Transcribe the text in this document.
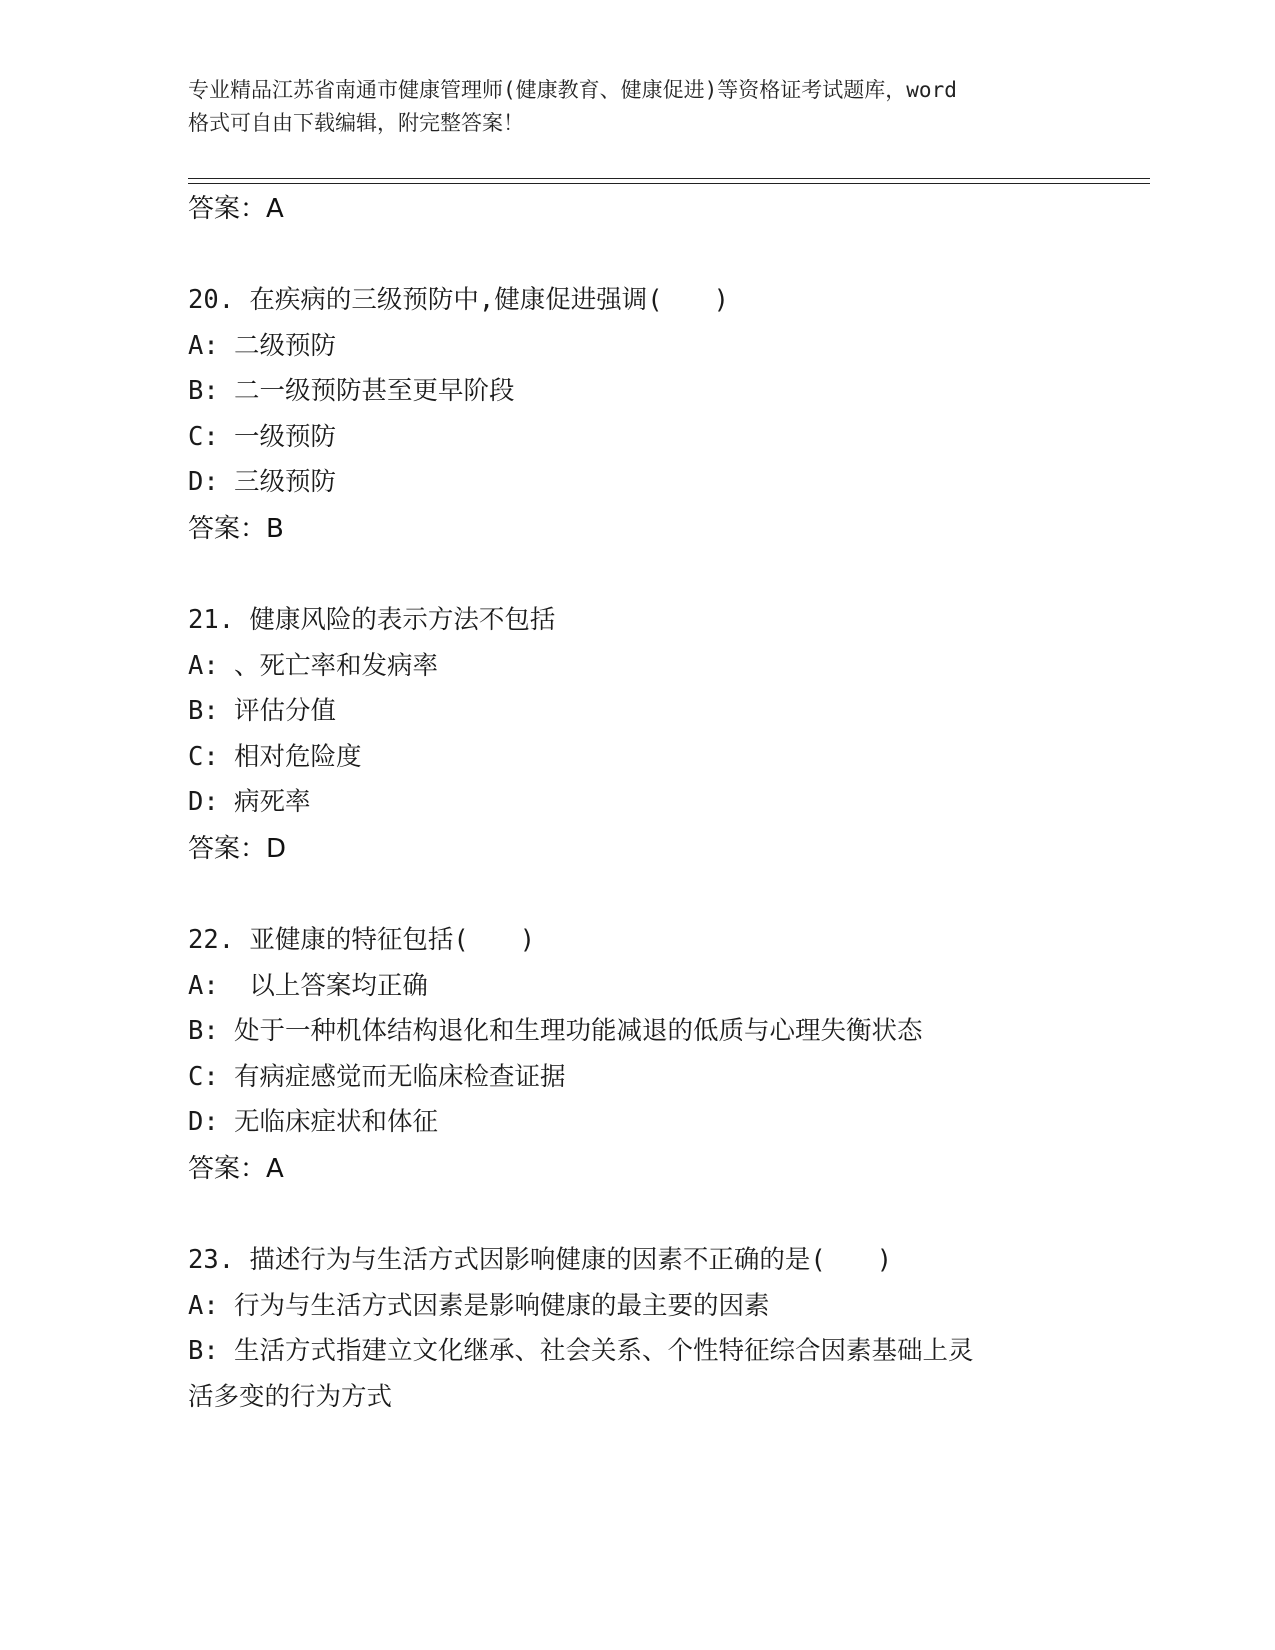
专业精品江苏省南通市健康管理师(健康教育、健康促进)等资格证考试题库，word
格式可自由下载编辑，附完整答案！
答案：A
20. 在疾病的三级预防中,健康促进强调(　　)
A: 二级预防
B: 二一级预防甚至更早阶段
C: 一级预防
D: 三级预防
答案：B
21. 健康风险的表示方法不包括
A: 、死亡率和发病率
B: 评估分值
C: 相对危险度
D: 病死率
答案：D
22. 亚健康的特征包括(　　)
A:  以上答案均正确
B: 处于一种机体结构退化和生理功能减退的低质与心理失衡状态
C: 有病症感觉而无临床检查证据
D: 无临床症状和体征
答案：A
23. 描述行为与生活方式因影响健康的因素不正确的是(　　)
A: 行为与生活方式因素是影响健康的最主要的因素
B: 生活方式指建立文化继承、社会关系、个性特征综合因素基础上灵
活多变的行为方式
